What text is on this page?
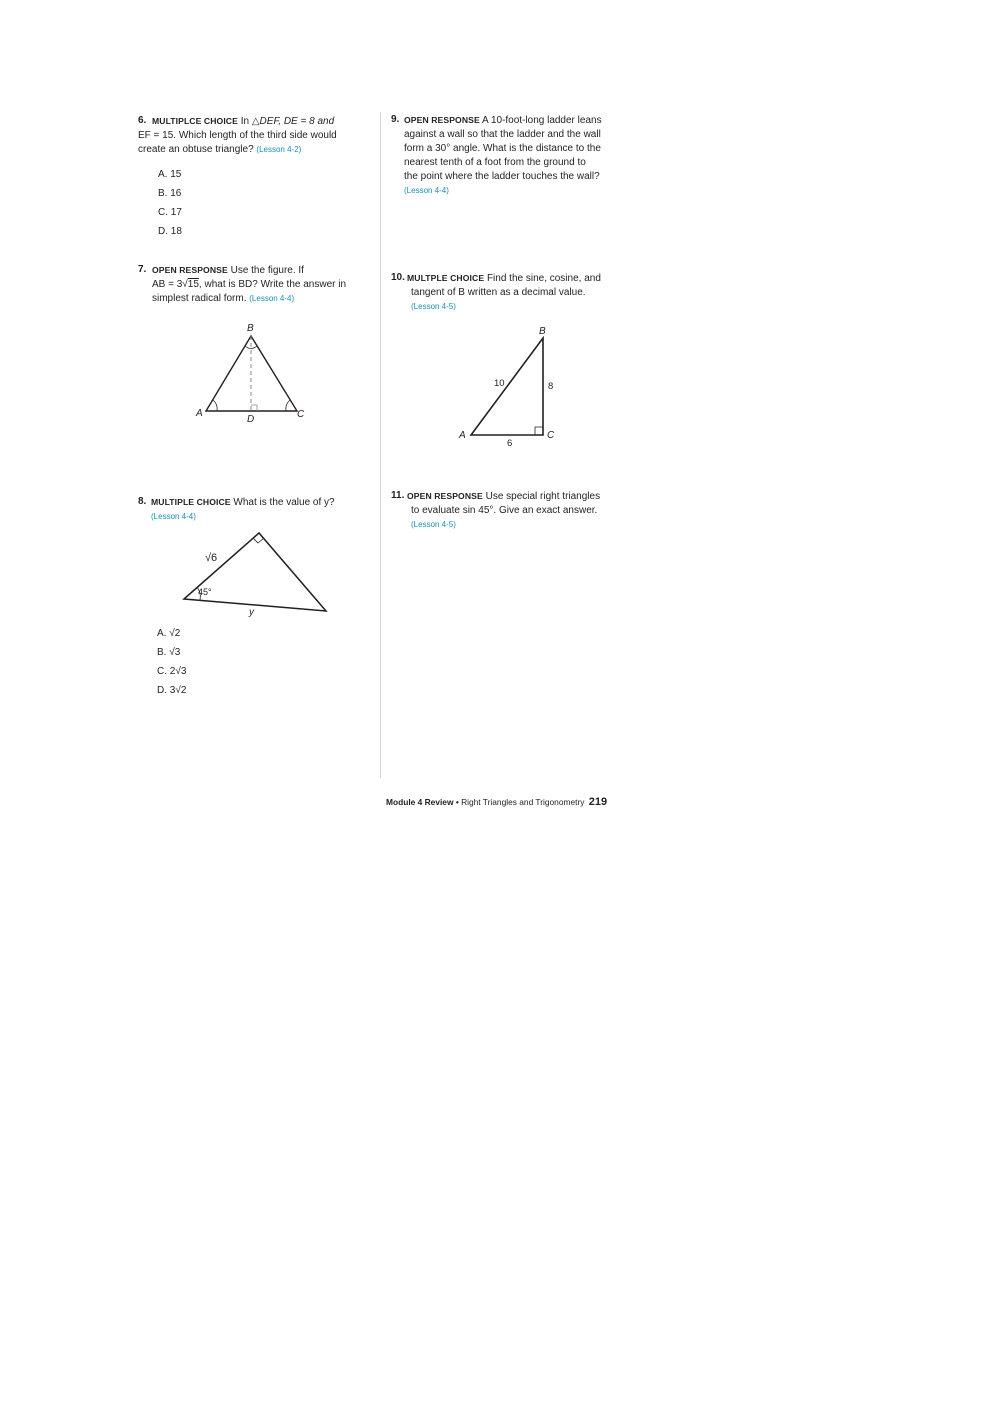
6. MULTIPLCE CHOICE In △DEF, DE = 8 and
EF = 15. Which length of the third side would
create an obtuse triangle? (Lesson 4-2)
A. 15
B. 16
C. 17
D. 18
7. OPEN RESPONSE Use the figure. If
AB = 3√15, what is BD? Write the answer in
simplest radical form. (Lesson 4-4)
B
A	C
D
8. MULTIPLE CHOICE What is the value of y?
(Lesson 4-4)
√6
45°
y
A. √2
B. √3
C. 2√3
D. 3√2
9. OPEN RESPONSE A 10-foot-long ladder leans
against a wall so that the ladder and the wall
form a 30° angle. What is the distance to the
nearest tenth of a foot from the ground to
the point where the ladder touches the wall?
(Lesson 4-4)
10. MULTPLE CHOICE Find the sine, cosine, and
tangent of B written as a decimal value.
(Lesson 4-5)
B
A	C
10	8
6
11. OPEN RESPONSE Use special right triangles
to evaluate sin 45°. Give an exact answer.
(Lesson 4-5)
Module 4 Review • Right Triangles and Trigonometry 219
